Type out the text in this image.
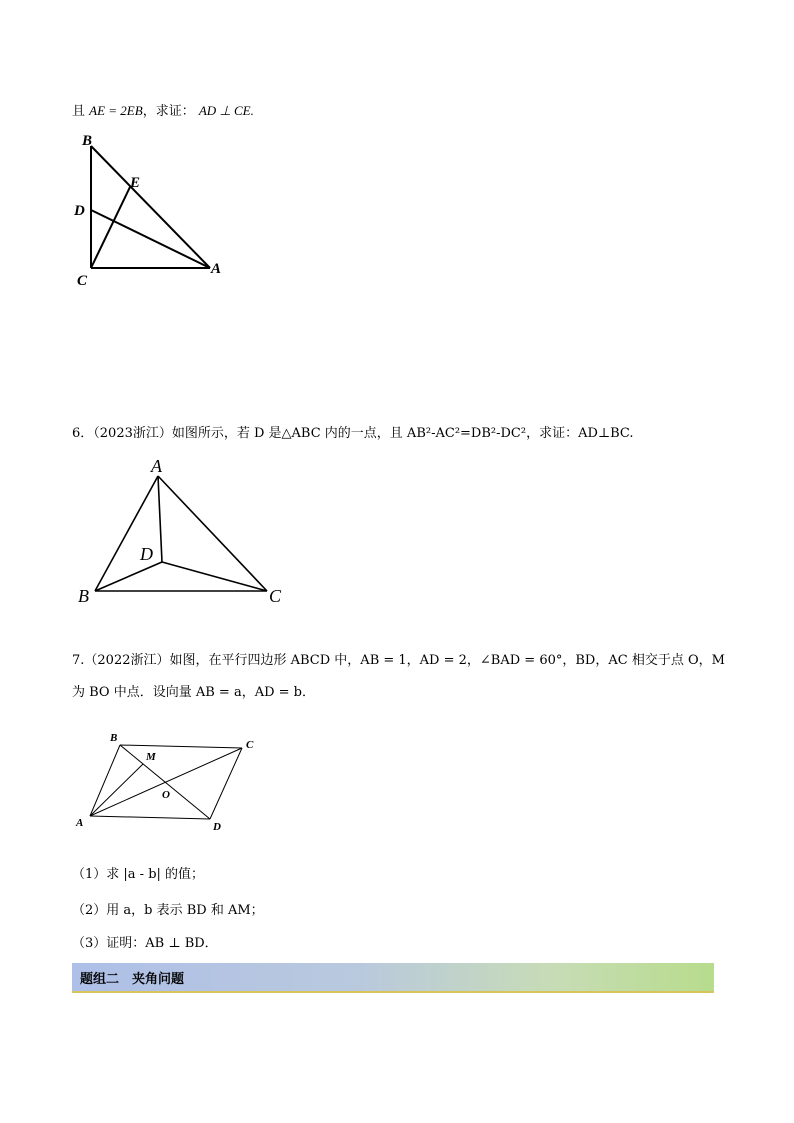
且 AE = 2EB，求证： AD ⊥ CE.
B
E
D
C
A
6．（2023浙江）如图所示，若 D 是△ABC 内的一点，且 AB²-AC²=DB²-DC²，求证：AD⊥BC.
A
D
B	C
7.（2022浙江）如图，在平行四边形 ABCD 中，AB = 1，AD = 2，∠BAD = 60°，BD，AC 相交于点 O，M
为 BO 中点．设向量 AB = a，AD = b．
B
C
M
O
A	D
（1）求 |a - b| 的值；
（2）用 a，b 表示 BD 和 AM；
（3）证明：AB ⊥ BD．
题组二　夹角问题
